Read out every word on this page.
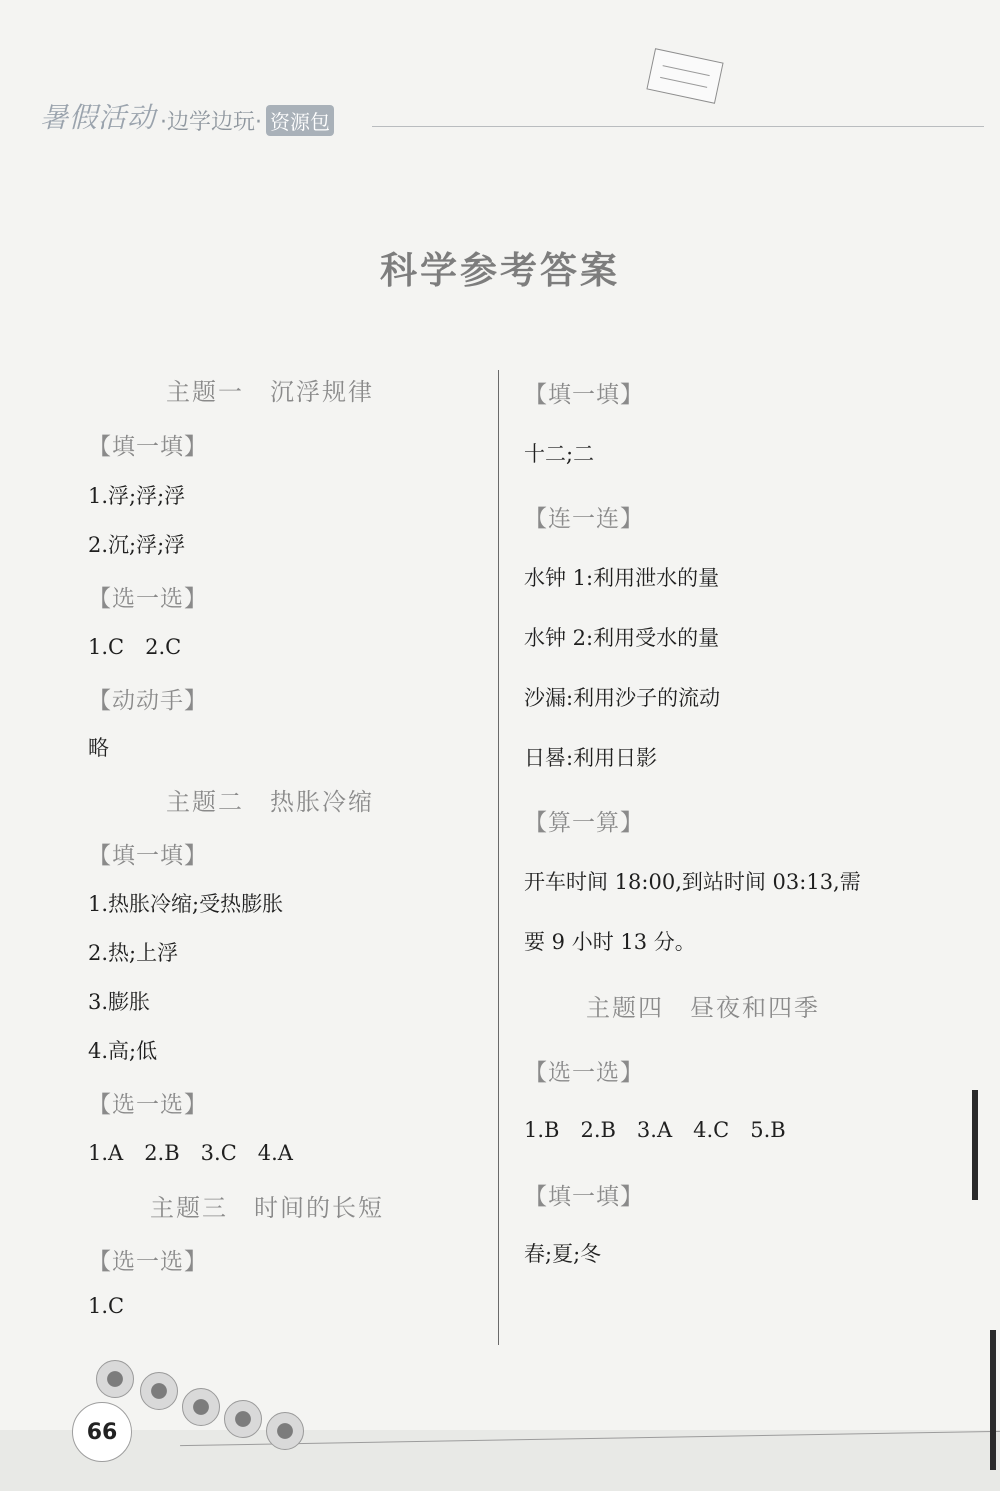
暑假活动 ·边学边玩· 资源包
科学参考答案
主题一　沉浮规律
【填一填】
1.浮;浮;浮
2.沉;浮;浮
【选一选】
1.C　2.C
【动动手】
略
主题二　热胀冷缩
【填一填】
1.热胀冷缩;受热膨胀
2.热;上浮
3.膨胀
4.高;低
【选一选】
1.A　2.B　3.C　4.A
主题三　时间的长短
【选一选】
1.C
【填一填】
十二;二
【连一连】
水钟 1:利用泄水的量
水钟 2:利用受水的量
沙漏:利用沙子的流动
日晷:利用日影
【算一算】
开车时间 18:00,到站时间 03:13,需
要 9 小时 13 分。
主题四　昼夜和四季
【选一选】
1.B　2.B　3.A　4.C　5.B
【填一填】
春;夏;冬
66
